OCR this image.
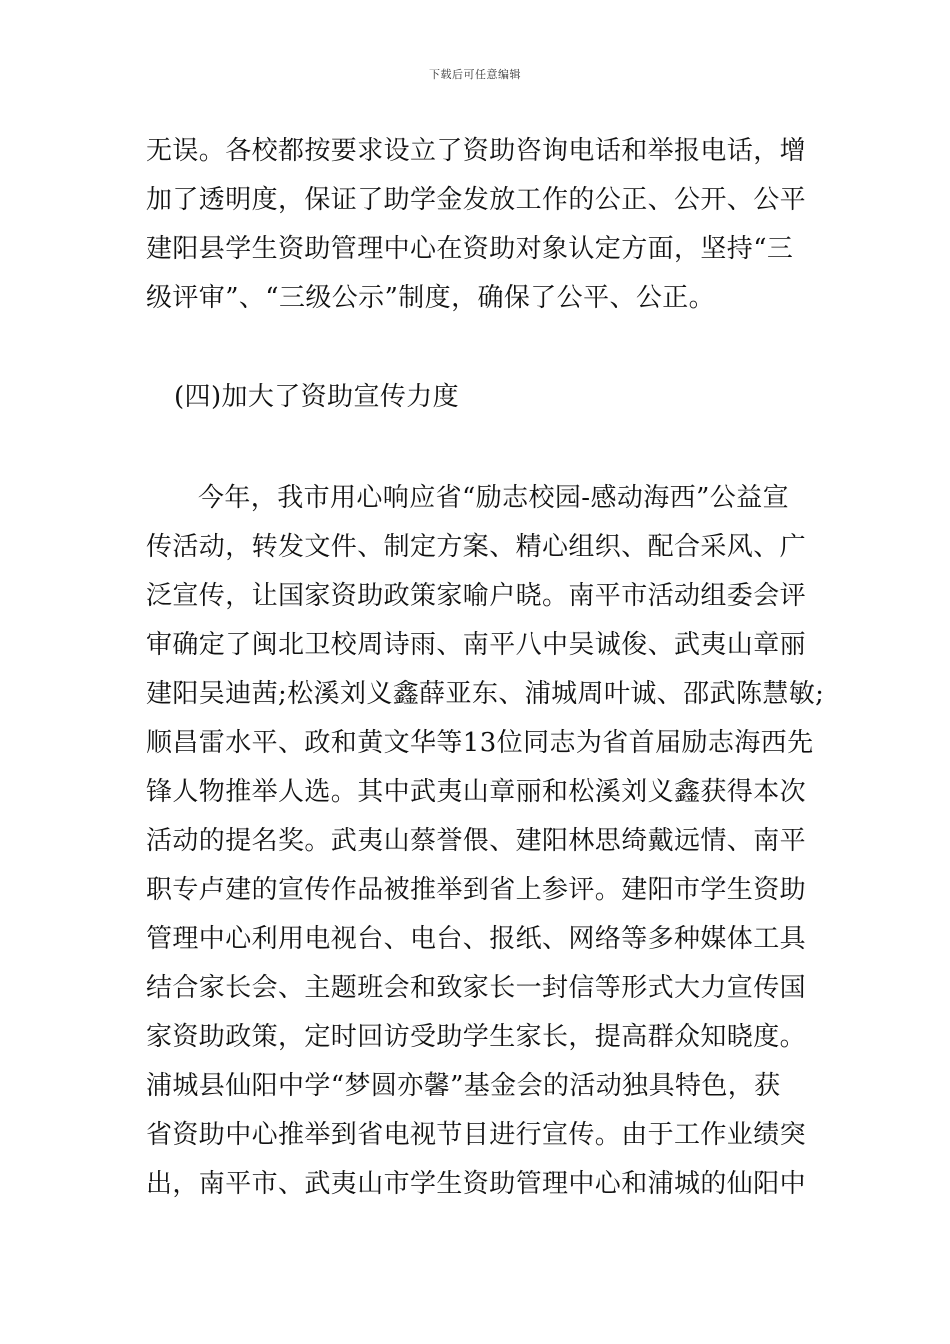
下载后可任意编辑
无误。各校都按要求设立了资助咨询电话和举报电话，增
加了透明度，保证了助学金发放工作的公正、公开、公平
建阳县学生资助管理中心在资助对象认定方面，坚持“三
级评审”、“三级公示”制度，确保了公平、公正。
(四)加大了资助宣传力度
今年，我市用心响应省“励志校园-感动海西”公益宣
传活动，转发文件、制定方案、精心组织、配合采风、广
泛宣传，让国家资助政策家喻户晓。南平市活动组委会评
审确定了闽北卫校周诗雨、南平八中吴诚俊、武夷山章丽
建阳吴迪茜;松溪刘义鑫薛亚东、浦城周叶诚、邵武陈慧敏;
顺昌雷水平、政和黄文华等13位同志为省首届励志海西先
锋人物推举人选。其中武夷山章丽和松溪刘义鑫获得本次
活动的提名奖。武夷山蔡誉偎、建阳林思绮戴远情、南平
职专卢建的宣传作品被推举到省上参评。建阳市学生资助
管理中心利用电视台、电台、报纸、网络等多种媒体工具
结合家长会、主题班会和致家长一封信等形式大力宣传国
家资助政策，定时回访受助学生家长，提高群众知晓度。
浦城县仙阳中学“梦圆亦馨”基金会的活动独具特色，获
省资助中心推举到省电视节目进行宣传。由于工作业绩突
出，南平市、武夷山市学生资助管理中心和浦城的仙阳中
